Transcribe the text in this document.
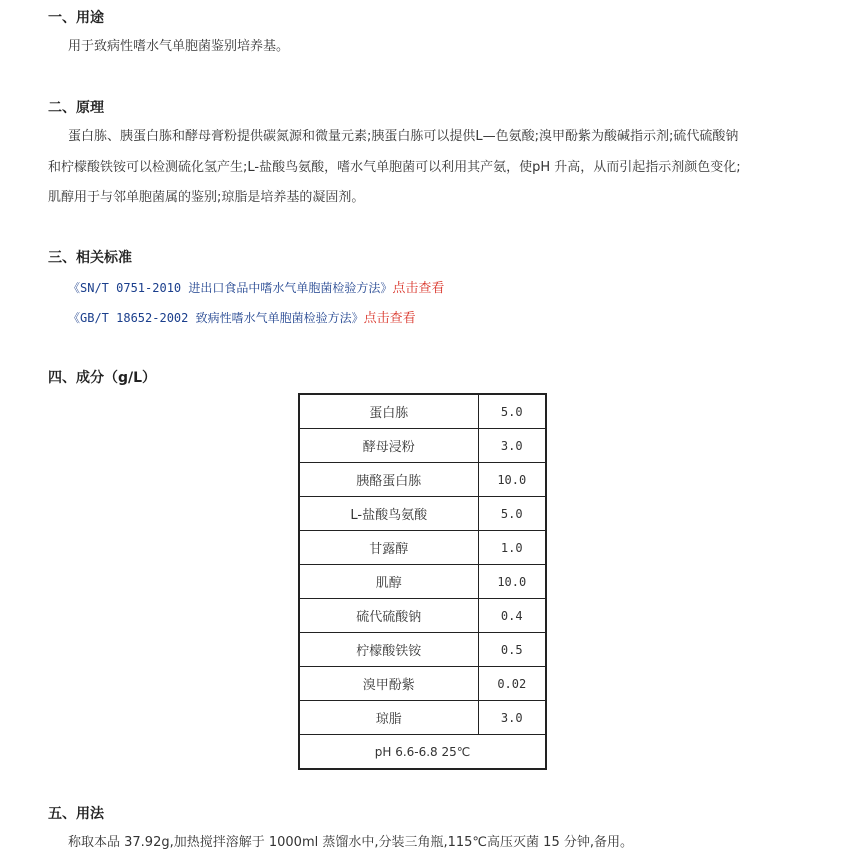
一、用途
用于致病性嗜水气单胞菌鉴别培养基。
二、原理
蛋白胨、胰蛋白胨和酵母膏粉提供碳氮源和微量元素;胰蛋白胨可以提供L—色氨酸;溴甲酚紫为酸碱指示剂;硫代硫酸钠
和柠檬酸铁铵可以检测硫化氢产生;L-盐酸鸟氨酸，嗜水气单胞菌可以利用其产氨，使pH 升高，从而引起指示剂颜色变化;
肌醇用于与邻单胞菌属的鉴别;琼脂是培养基的凝固剂。
三、相关标准
《SN/T 0751-2010 进出口食品中嗜水气单胞菌检验方法》点击查看
《GB/T 18652-2002 致病性嗜水气单胞菌检验方法》点击查看
四、成分（g/L）
蛋白胨	5.0
酵母浸粉	3.0
胰酪蛋白胨	10.0
L-盐酸鸟氨酸	5.0
甘露醇	1.0
肌醇	10.0
硫代硫酸钠	0.4
柠檬酸铁铵	0.5
溴甲酚紫	0.02
琼脂	3.0
pH 6.6-6.8 25℃	
五、用法
称取本品 37.92g,加热搅拌溶解于 1000ml 蒸馏水中,分装三角瓶,115℃高压灭菌 15 分钟,备用。
